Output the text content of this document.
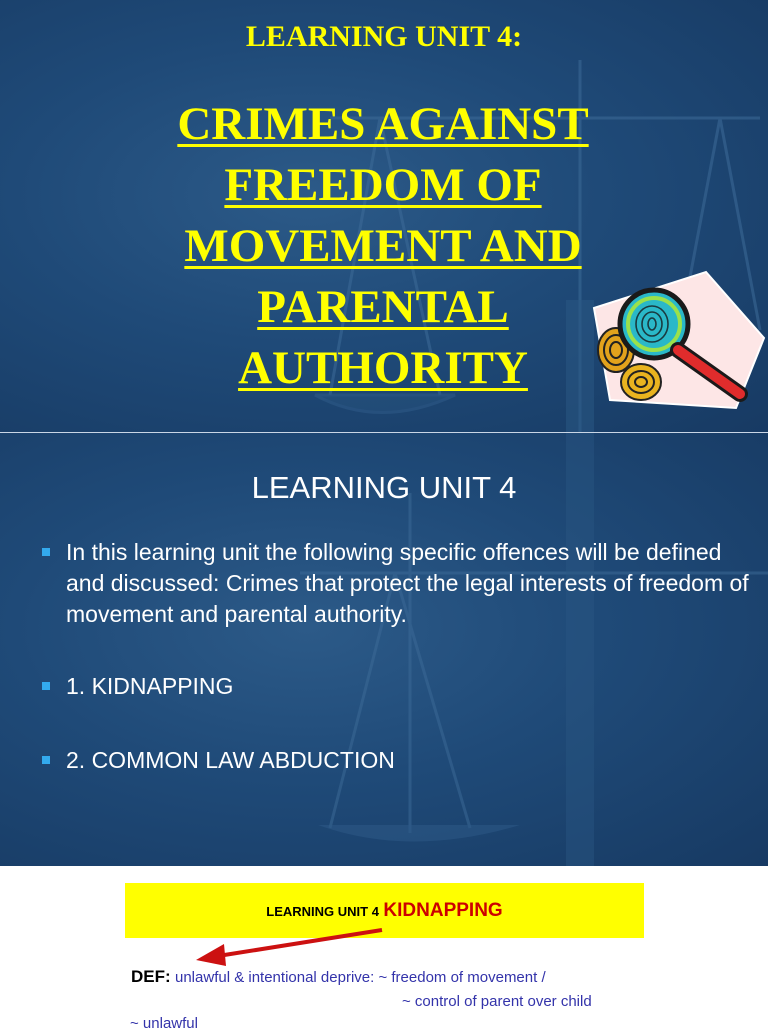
LEARNING UNIT 4:
CRIMES AGAINST
FREEDOM OF
MOVEMENT AND
PARENTAL
AUTHORITY
LEARNING UNIT 4
In this learning unit the following specific offences will be defined and discussed: Crimes that protect the legal interests of freedom of movement and parental authority.
1. KIDNAPPING
2. COMMON LAW ABDUCTION
LEARNING UNIT 4 KIDNAPPING
DEF: unlawful & intentional deprive: ~ freedom of movement /
~ control of parent over child
~ unlawful
